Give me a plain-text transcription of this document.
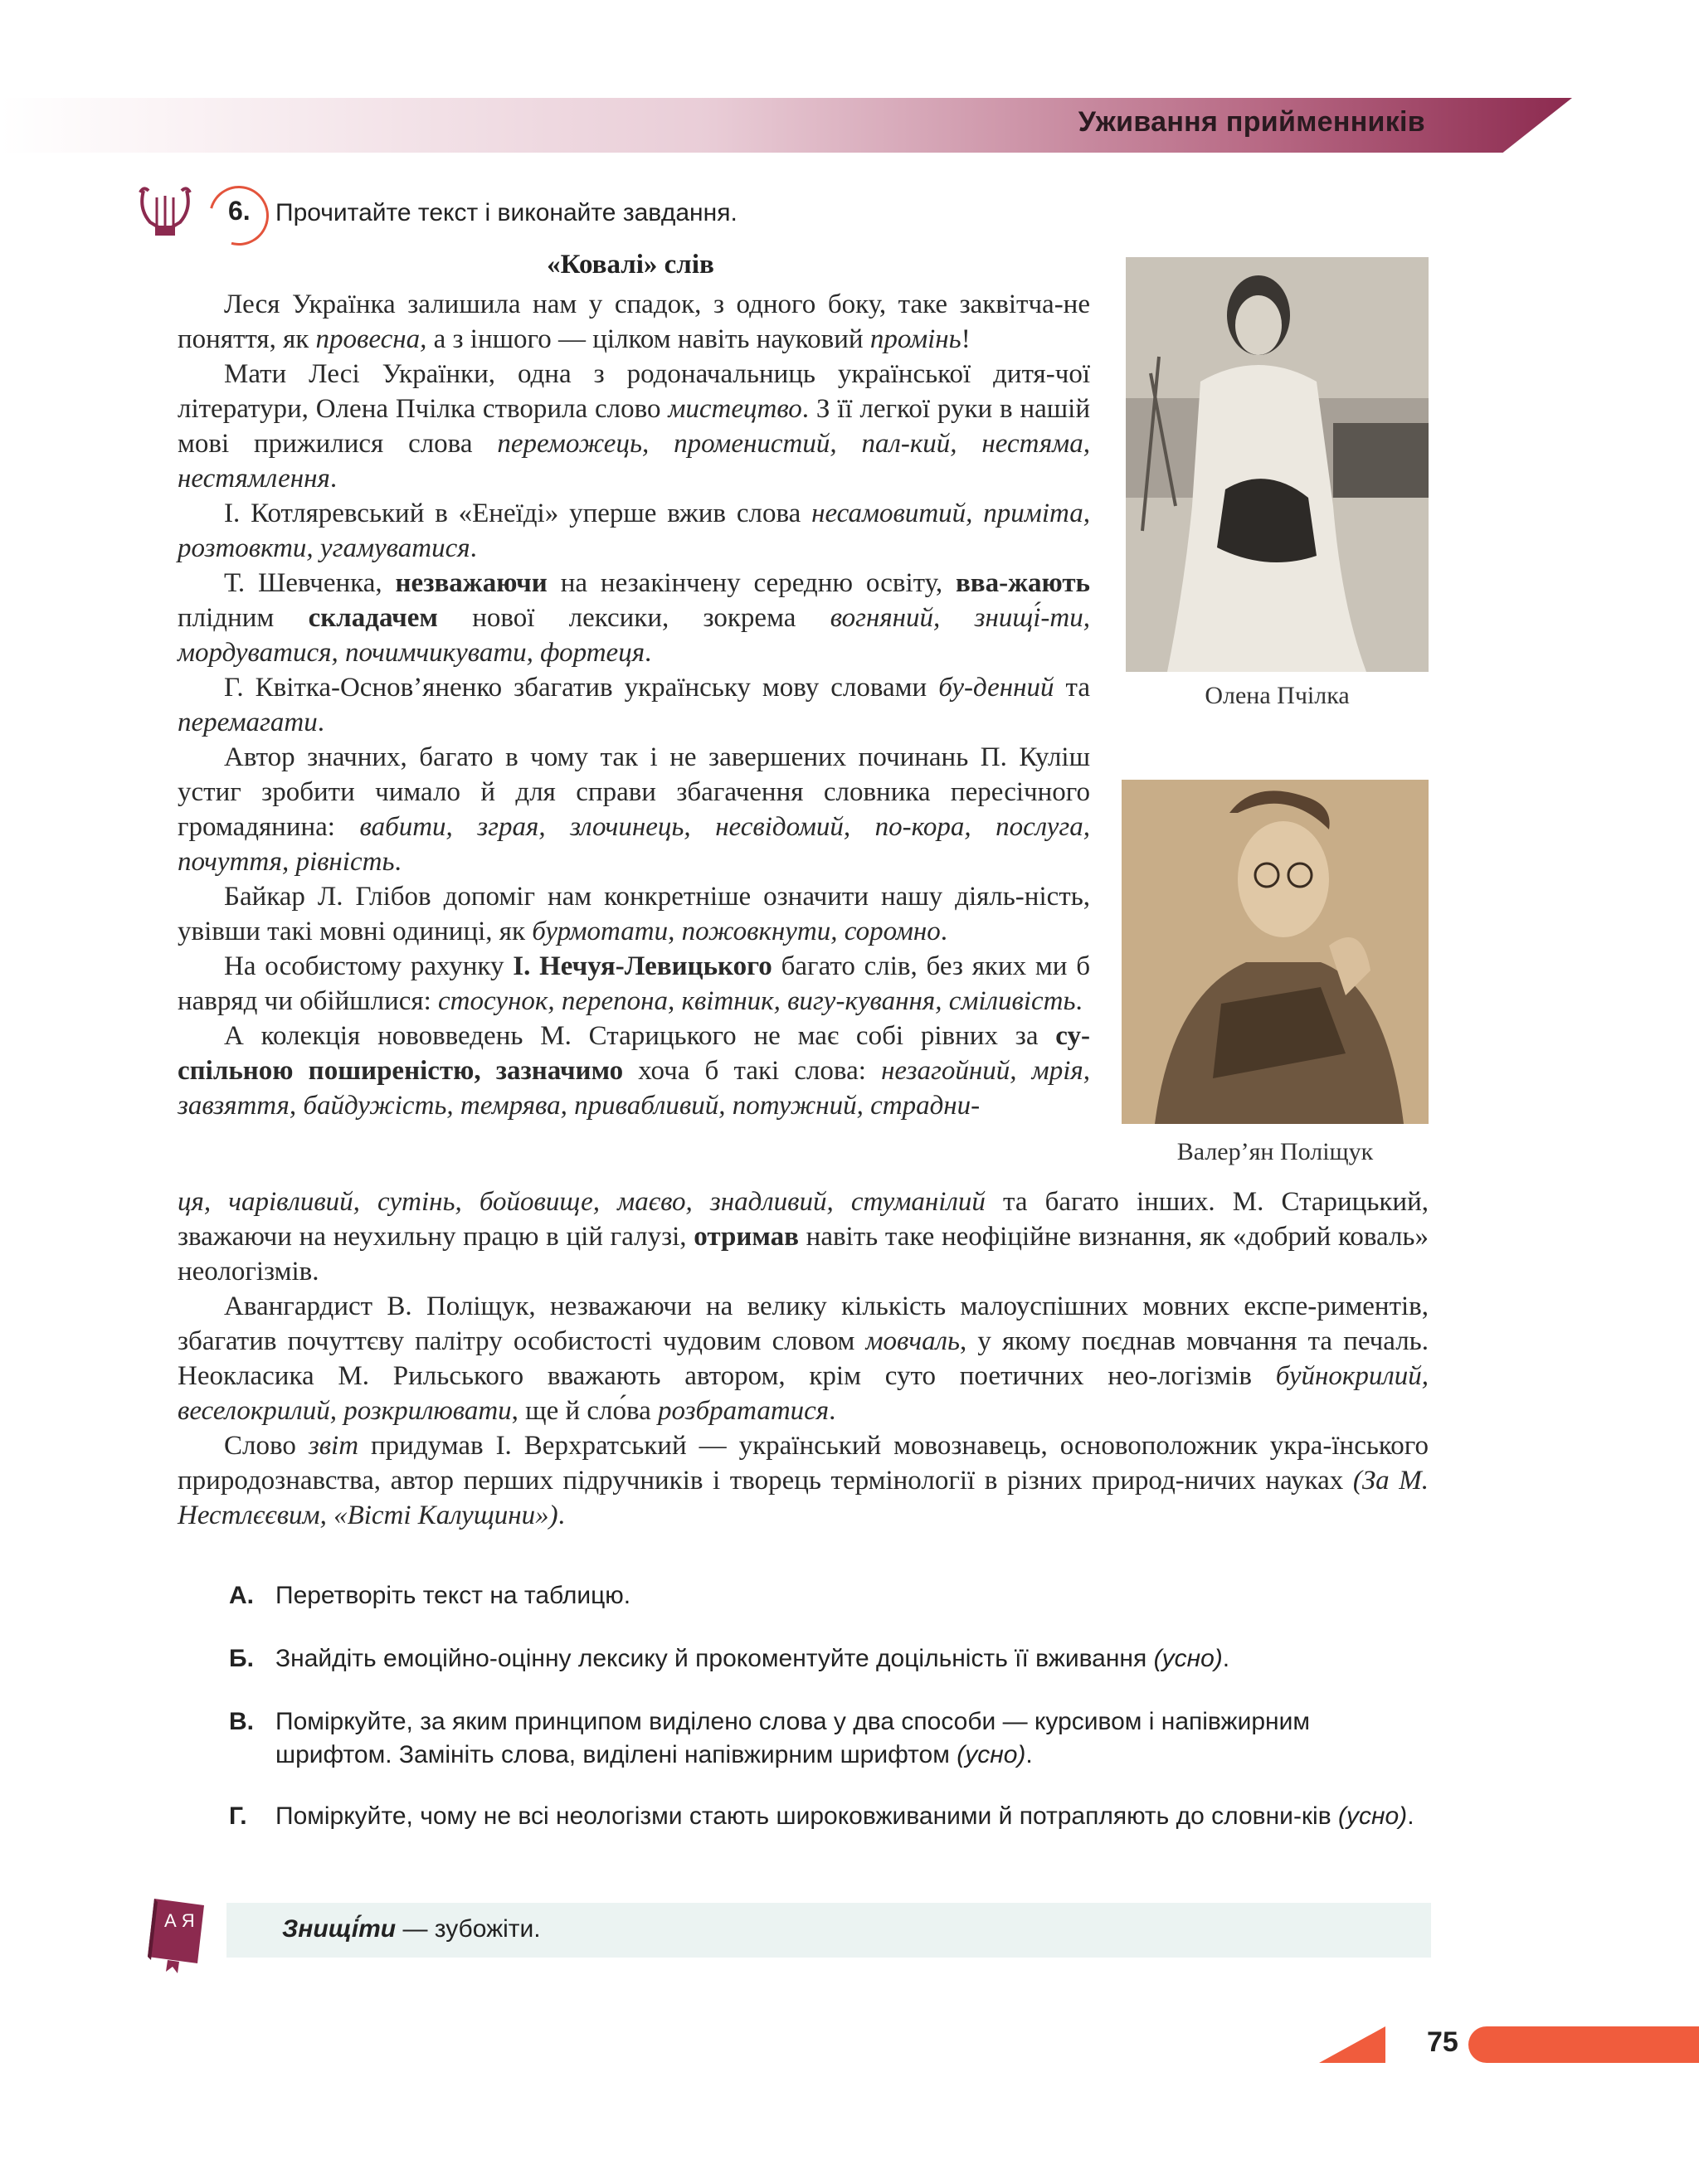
Уживання прийменників
6. Прочитайте текст і виконайте завдання.
«Ковалі» слів

Леся Українка залишила нам у спадок, з одного боку, таке заквітча-не поняття, як провесна, а з іншого — цілком навіть науковий промінь!

Мати Лесі Українки, одна з родоначальниць української дитя-чої літератури, Олена Пчілка створила слово мистецтво. З її легкої руки в нашій мові прижилися слова переможець, променистий, пал-кий, нестяма, нестямлення.

І. Котляревський в «Енеїді» уперше вжив слова несамовитий, приміта, розтовкти, угамуватися.

Т. Шевченка, незважаючи на незакінчену середню освіту, вва-жають плідним складачем нової лексики, зокрема вогняний, знищі́-ти, мордуватися, почимчикувати, фортеця.

Г. Квітка-Основ’яненко збагатив українську мову словами бу-денний та перемагати.

Автор значних, багато в чому так і не завершених починань П. Куліш устиг зробити чимало й для справи збагачення словника пересічного громадянина: вабити, зграя, злочинець, несвідомий, по-кора, послуга, почуття, рівність.

Байкар Л. Глібов допоміг нам конкретніше означити нашу діяль-ність, увівши такі мовні одиниці, як бурмотати, пожовкнути, соромно.

На особистому рахунку І. Нечуя-Левицького багато слів, без яких ми б навряд чи обійшлися: стосунок, перепона, квітник, вигу-кування, сміливість.

А колекція нововведень М. Старицького не має собі рівних за су-спільною поширеністю, зазначимо хоча б такі слова: незагойний, мрія, завзяття, байдужість, темрява, привабливий, потужний, страдни-

ця, чарівливий, сутінь, бойовище, маєво, знадливий, стуманілий та багато інших. М. Старицький, зважаючи на неухильну працю в цій галузі, отримав навіть таке неофіційне визнання, як «добрий коваль» неологізмів.

Авангардист В. Поліщук, незважаючи на велику кількість малоуспішних мовних експе-риментів, збагатив почуттєву палітру особистості чудовим словом мовчаль, у якому поєднав мовчання та печаль. Неокласика М. Рильського вважають автором, крім суто поетичних нео-логізмів буйнокрилий, веселокрилий, розкрилювати, ще й сло́ва розбрататися.

Слово звіт придумав І. Верхратський — український мовознавець, основоположник укра-їнського природознавства, автор перших підручників і творець термінології в різних природ-ничих науках (За М. Нестлєєвим, «Вісті Калущини»).

Олена Пчілка
Валер’ян Поліщук
А. Перетворіть текст на таблицю.
Б. Знайдіть емоційно-оцінну лексику й прокоментуйте доцільність її вживання (усно).
В. Поміркуйте, за яким принципом виділено слова у два способи — курсивом і напівжирним шрифтом. Замініть слова, виділені напівжирним шрифтом (усно).
Г. Поміркуйте, чому не всі неологізми стають широковживаними й потрапляють до словни-ків (усно).
А Я	Знищі́ти — зубожіти.
75
